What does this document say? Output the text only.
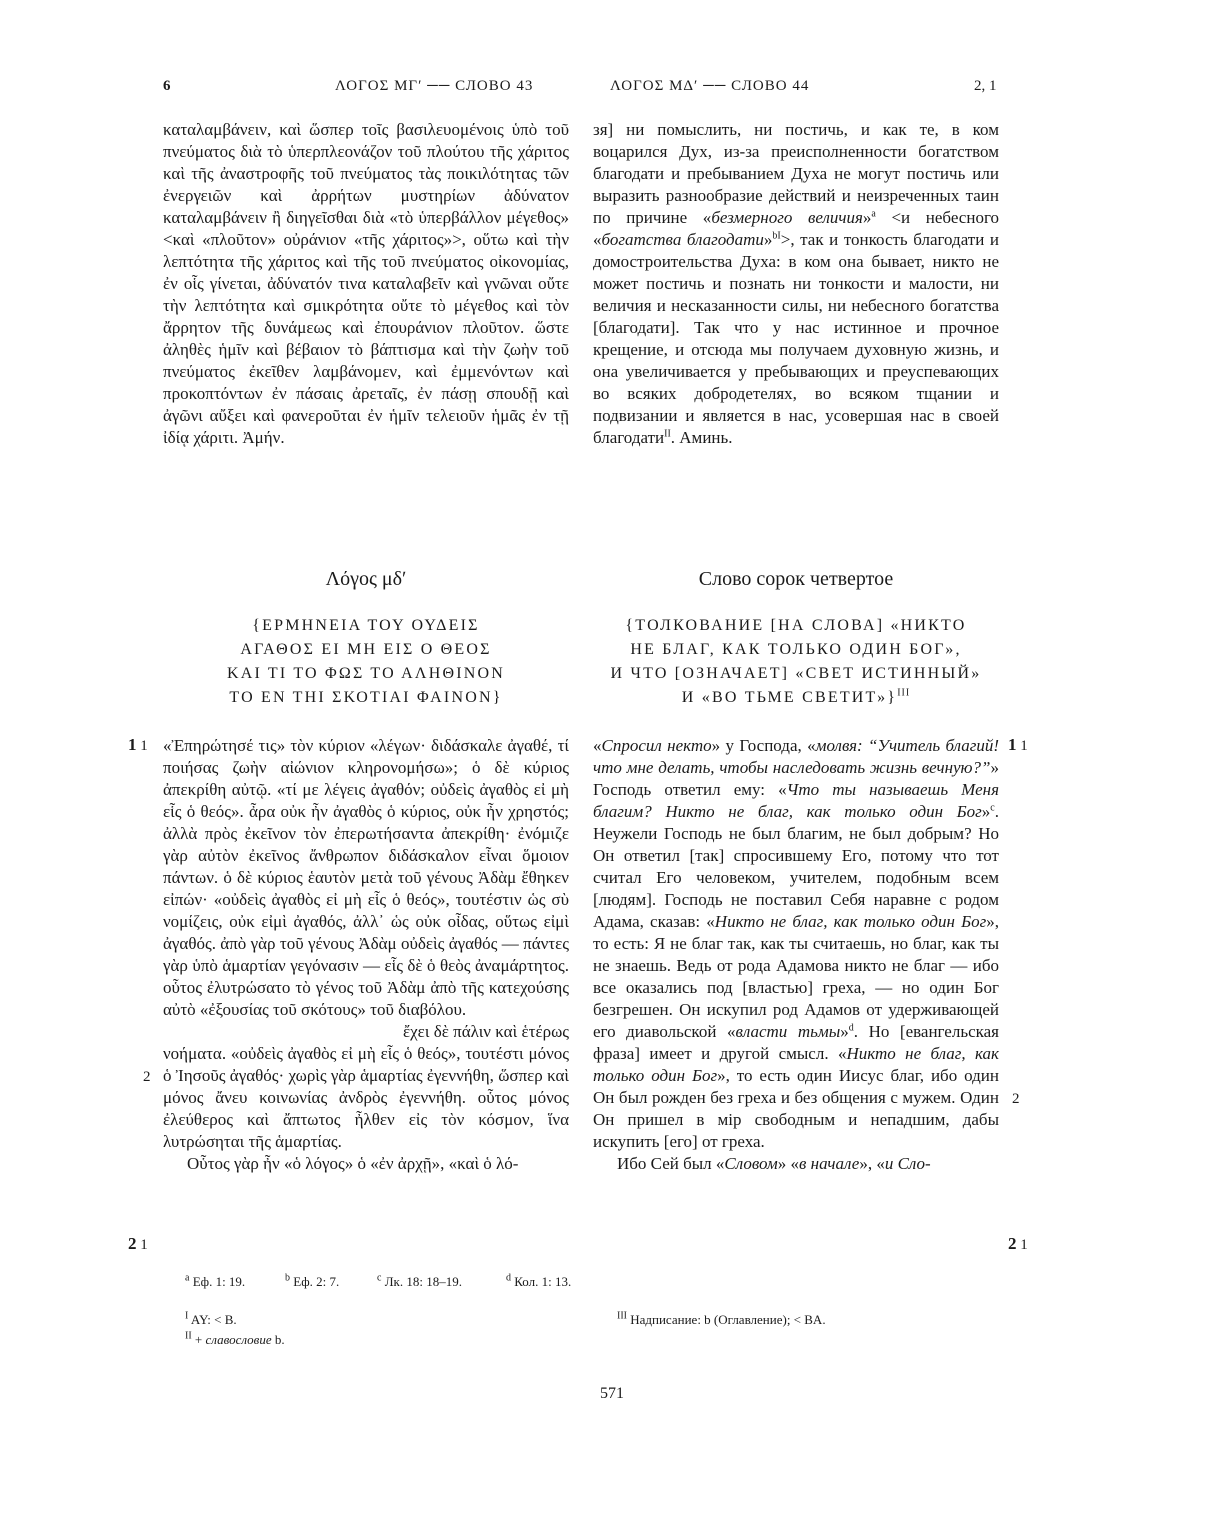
6	ΛΟΓΟΣ ΜΓʹ ── СЛОВО 43	ΛΟΓΟΣ ΜΔʹ ── СЛОВО 44	2, 1

καταλαμβάνειν, καὶ ὥσπερ τοῖς βασιλευομένοις ὑπὸ τοῦ πνεύματος διὰ τὸ ὑπερπλεονάζον τοῦ πλούτου τῆς χάριτος καὶ τῆς ἀναστροφῆς τοῦ πνεύματος τὰς ποικιλότητας τῶν ἐνεργειῶν καὶ ἀρρήτων μυστηρίων ἀδύνατον καταλαμβάνειν ἢ διηγεῖσθαι διὰ «τὸ ὑπερβάλλον μέγεθος» <καὶ «πλοῦτον» οὐράνιον «τῆς χάριτος»>, οὕτω καὶ τὴν λεπτότητα τῆς χάριτος καὶ τῆς τοῦ πνεύματος οἰκονομίας, ἐν οἷς γίνεται, ἀδύνατόν τινα καταλαβεῖν καὶ γνῶναι οὔτε τὴν λεπτότητα καὶ σμικρότητα οὔτε τὸ μέγεθος καὶ τὸν ἄρρητον τῆς δυνάμεως καὶ ἐπουράνιον πλοῦτον. ὥστε ἀληθὲς ἡμῖν καὶ βέβαιον τὸ βάπτισμα καὶ τὴν ζωὴν τοῦ πνεύματος ἐκεῖθεν λαμβάνομεν, καὶ ἐμμενόντων καὶ προκοπτόντων ἐν πάσαις ἀρεταῖς, ἐν πάσῃ σπουδῇ καὶ ἀγῶνι αὔξει καὶ φανεροῦται ἐν ἡμῖν τελειοῦν ἡμᾶς ἐν τῇ ἰδίᾳ χάριτι. Ἀμήν.

зя] ни помыслить, ни постичь, и как те, в ком воцарился Дух, из-за преисполненности богатством благодати и пребыванием Духа не могут постичь или выразить разнообразие действий и неизреченных таин по причине «безмерного величия»$^a$ <и небесного «богатства благодати»$^{bI}$>, так и тонкость благодати и домостроительства Духа: в ком она бывает, никто не может постичь и познать ни тонкости и малости, ни величия и несказанности силы, ни небесного богатства [благодати]. Так что у нас истинное и прочное крещение, и отсюда мы получаем духовную жизнь, и она увеличивается у пребывающих и преуспевающих во всяких добродетелях, во всяком тщании и подвизании и является в нас, усовершая нас в своей благодати$^{II}$. Аминь.

Λόγος μδʹ	Слово сорок четвертое
{ΕΡΜΗΝΕΙΑ ΤΟΥ ΟΥΔΕΙΣ
ΑΓΑΘΟΣ ΕΙ ΜΗ ΕΙΣ Ο ΘΕΟΣ
ΚΑΙ ΤΙ ΤΟ ΦΩΣ ΤΟ ΑΛΗΘΙΝΟΝ
ΤΟ ΕΝ ΤΗΙ ΣΚΟΤΙΑΙ ΦΑΙΝΟΝ}
{ТОЛКОВАНИЕ [НА СЛОВА] «НИКТО
НЕ БЛАГ, КАК ТОЛЬКО ОДИН БОГ»,
И ЧТО [ОЗНАЧАЕТ] «СВЕТ ИСТИННЫЙ»
И «ВО ТЬМЕ СВЕТИТ»}$^{III}$

«Ἐπηρώτησέ τις» τὸν κύριον «λέγων· διδάσκαλε ἀγαθέ, τί ποιήσας ζωὴν αἰώνιον κληρονομήσω»; ὁ δὲ κύριος ἀπεκρίθη αὐτῷ. «τί με λέγεις ἀγαθόν; οὐδεὶς ἀγαθὸς εἰ μὴ εἷς ὁ θεός». ἆρα οὐκ ἦν ἀγαθὸς ὁ κύριος, οὐκ ἦν χρηστός; ἀλλὰ πρὸς ἐκεῖνον τὸν ἐπερωτήσαντα ἀπεκρίθη· ἐνόμιζε γὰρ αὐτὸν ἐκεῖνος ἄνθρωπον διδάσκαλον εἶναι ὅμοιον πάντων. ὁ δὲ κύριος ἑαυτὸν μετὰ τοῦ γένους Ἀδὰμ ἔθηκεν εἰπών· «οὐδεὶς ἀγαθὸς εἰ μὴ εἷς ὁ θεός», τουτέστιν ὡς σὺ νομίζεις, οὐκ εἰμὶ ἀγαθός, ἀλλ᾽ ὡς οὐκ οἶδας, οὕτως εἰμὶ ἀγαθός. ἀπὸ γὰρ τοῦ γένους Ἀδὰμ οὐδεὶς ἀγαθός — πάντες γὰρ ὑπὸ ἁμαρτίαν γεγόνασιν — εἷς δὲ ὁ θεὸς ἀναμάρτητος. οὗτος ἐλυτρώσατο τὸ γένος τοῦ Ἀδὰμ ἀπὸ τῆς κατεχούσης αὐτὸ «ἐξουσίας τοῦ σκότους» τοῦ διαβόλου.

ἔχει δὲ πάλιν καὶ ἑτέρως νοήματα. «οὐδεὶς ἀγαθὸς εἰ μὴ εἷς ὁ θεός», τουτέστι μόνος ὁ Ἰησοῦς ἀγαθός· χωρὶς γὰρ ἁμαρτίας ἐγεννήθη, ὥσπερ καὶ μόνος ἄνευ κοινωνίας ἀνδρὸς ἐγεννήθη. οὗτος μόνος ἐλεύθερος καὶ ἄπτωτος ἦλθεν εἰς τὸν κόσμον, ἵνα λυτρώσηται τῆς ἁμαρτίας.

Οὗτος γὰρ ἦν «ὁ λόγος» ὁ «ἐν ἀρχῇ», «καὶ ὁ λό-

«Спросил некто» у Господа, «молвя: “Учитель благий! что мне делать, чтобы наследовать жизнь вечную?”» Господь ответил ему: «Что ты называешь Меня благим? Никто не благ, как только один Бог»$^c$. Неужели Господь не был благим, не был добрым? Но Он ответил [так] спросившему Его, потому что тот считал Его человеком, учителем, подобным всем [людям]. Господь не поставил Себя наравне с родом Адама, сказав: «Никто не благ, как только один Бог», то есть: Я не благ так, как ты считаешь, но благ, как ты не знаешь. Ведь от рода Адамова никто не благ — ибо все оказались под [властью] греха, — но один Бог безгрешен. Он искупил род Адамов от удерживающей его диавольской «власти тьмы»$^d$. Но [евангельская фраза] имеет и другой смысл. «Никто не благ, как только один Бог», то есть один Иисус благ, ибо один Он был рожден без греха и без общения с мужем. Один Он пришел в мір свободным и непадшим, дабы искупить [его] от греха.

Ибо Сей был «Словом» «в начале», «и Сло-

1 1
2
2 1
1 1
2
2 1
$^a$ Еф. 1: 19.	$^b$ Еф. 2: 7.	$^c$ Лк. 18: 18–19.	$^d$ Кол. 1: 13.
$^I$ AY: < B.
$^{II}$ + славословие b.
$^{III}$ Надписание: b (Оглавление); < BA.
571
